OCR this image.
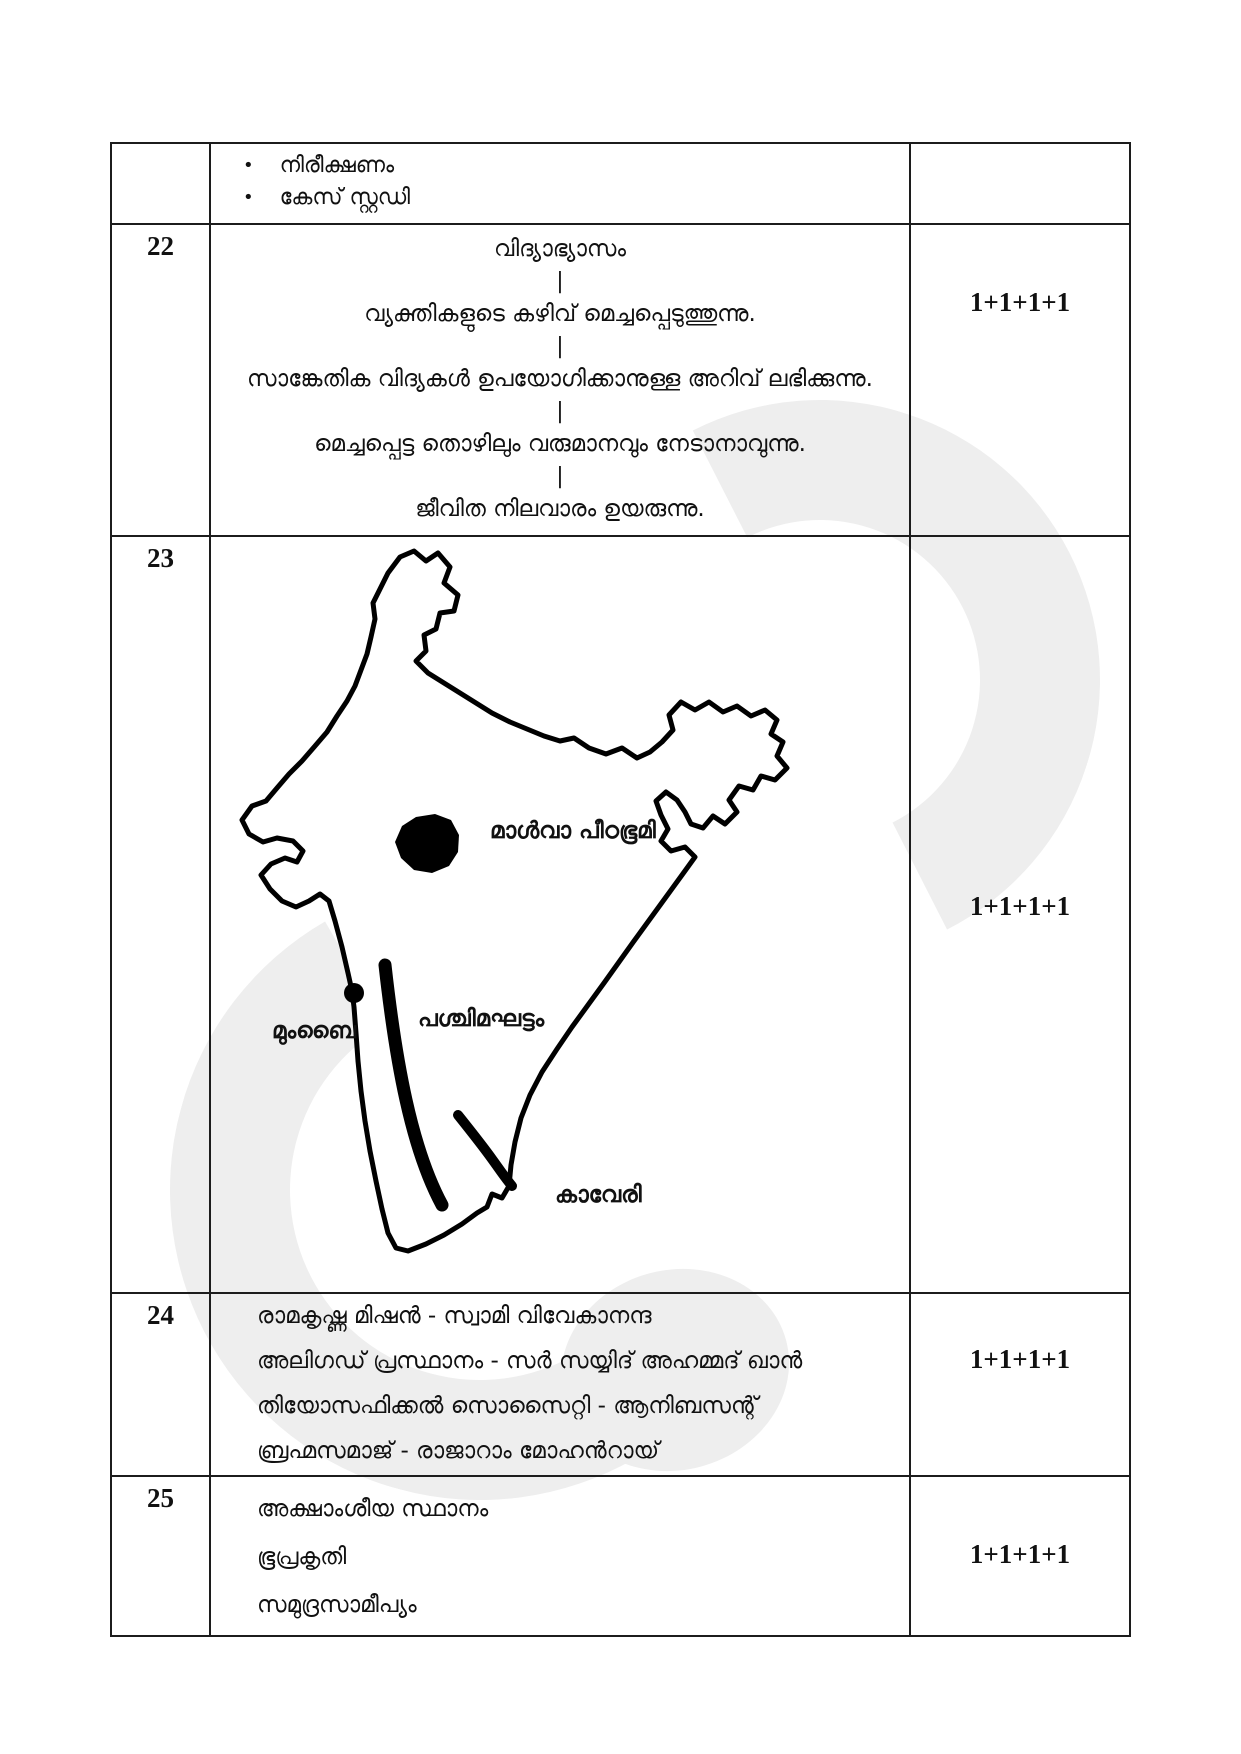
• നിരീക്ഷണം
• കേസ് സ്റ്റഡി
22	വിദ്യാഭ്യാസം
|
വ്യക്തികളുടെ കഴിവ് മെച്ചപ്പെടുത്തുന്നു.
|
സാങ്കേതിക വിദ്യകൾ ഉപയോഗിക്കാനുള്ള അറിവ് ലഭിക്കുന്നു.
|
മെച്ചപ്പെട്ട തൊഴിലും വരുമാനവും നേടാനാവുന്നു.
|
ജീവിത നിലവാരം ഉയരുന്നു.
1+1+1+1
23
മാൾവാ പീഠഭൂമി
മുംബൈ	പശ്ചിമഘട്ടം
കാവേരി
1+1+1+1
24	രാമകൃഷ്ണ മിഷൻ - സ്വാമി വിവേകാനന്ദ
അലിഗഡ് പ്രസ്ഥാനം - സർ സയ്യിദ് അഹമ്മദ് ഖാൻ
തിയോസഫിക്കൽ സൊസൈറ്റി - ആനിബസന്റ്
ബ്രഹ്മസമാജ് - രാജാറാം മോഹൻറായ്
1+1+1+1
25	അക്ഷാംശീയ സ്ഥാനം
ഭൂപ്രകൃതി
സമുദ്രസാമീപ്യം
1+1+1+1
